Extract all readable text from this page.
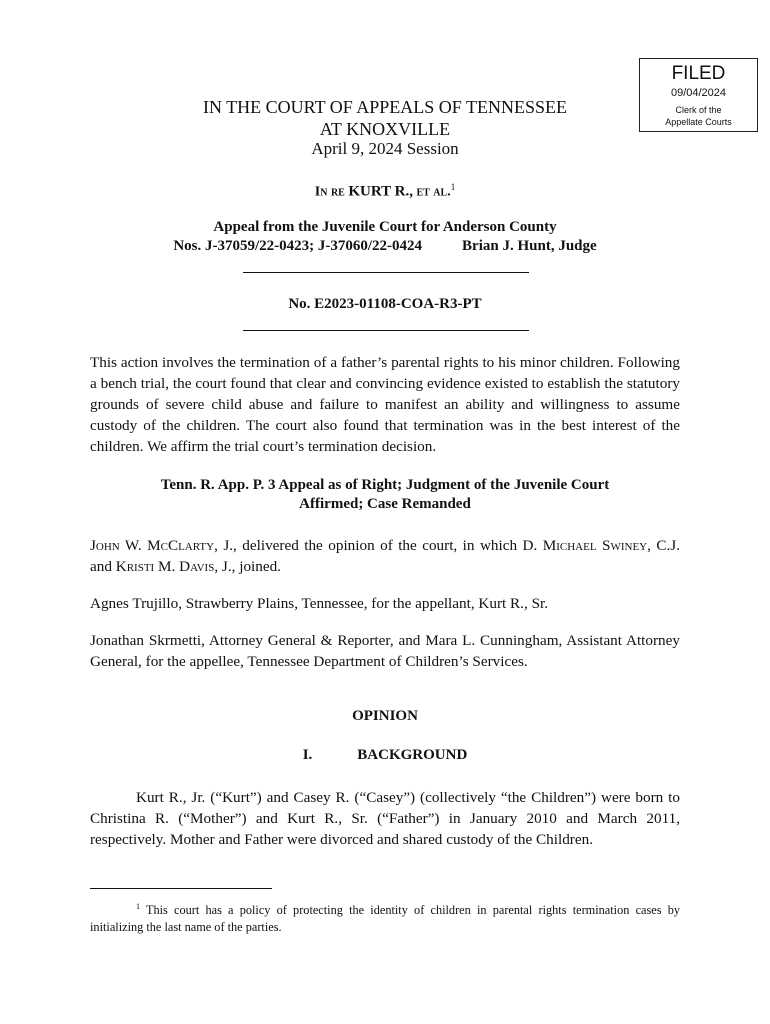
FILED
09/04/2024
Clerk of the
Appellate Courts
IN THE COURT OF APPEALS OF TENNESSEE
AT KNOXVILLE
April 9, 2024 Session
In re KURT R., et al.$^1$
Appeal from the Juvenile Court for Anderson County
Nos. J-37059/22-0423; J-37060/22-0424	Brian J. Hunt, Judge
No. E2023-01108-COA-R3-PT

This action involves the termination of a father’s parental rights to his minor children. Following a bench trial, the court found that clear and convincing evidence existed to establish the statutory grounds of severe child abuse and failure to manifest an ability and willingness to assume custody of the children. The court also found that termination was in the best interest of the children. We affirm the trial court’s termination decision.

Tenn. R. App. P. 3 Appeal as of Right; Judgment of the Juvenile Court
Affirmed; Case Remanded

John W. McClarty, J., delivered the opinion of the court, in which D. Michael Swiney, C.J. and Kristi M. Davis, J., joined.

Agnes Trujillo, Strawberry Plains, Tennessee, for the appellant, Kurt R., Sr.

Jonathan Skrmetti, Attorney General & Reporter, and Mara L. Cunningham, Assistant Attorney General, for the appellee, Tennessee Department of Children’s Services.

OPINION
I.	BACKGROUND

Kurt R., Jr. (“Kurt”) and Casey R. (“Casey”) (collectively “the Children”) were born to Christina R. (“Mother”) and Kurt R., Sr. (“Father”) in January 2010 and March 2011, respectively. Mother and Father were divorced and shared custody of the Children.

$^1$ This court has a policy of protecting the identity of children in parental rights termination cases by initializing the last name of the parties.
